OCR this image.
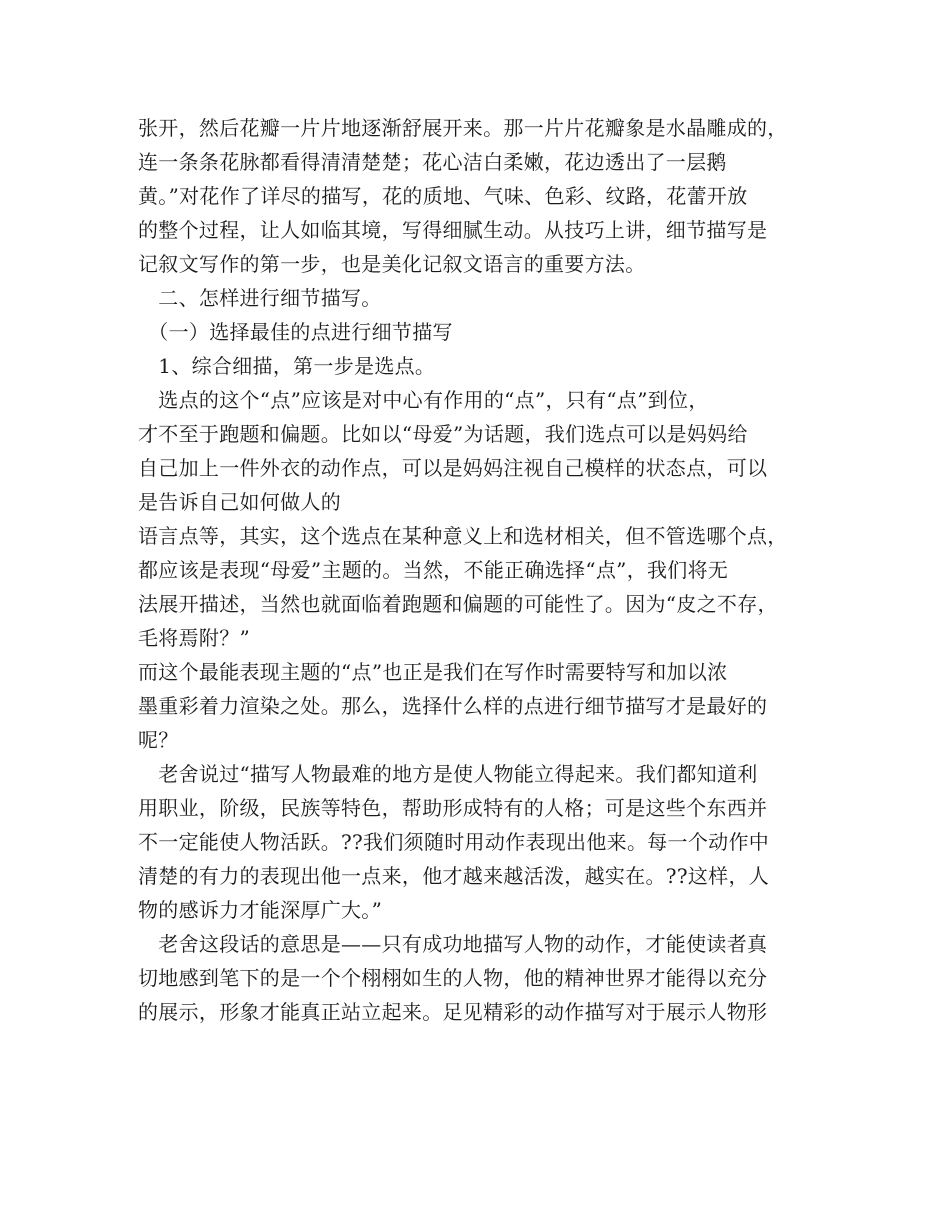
张开，然后花瓣一片片地逐渐舒展开来。那一片片花瓣象是水晶雕成的，
连一条条花脉都看得清清楚楚；花心洁白柔嫩，花边透出了一层鹅
黄。”对花作了详尽的描写，花的质地、气味、色彩、纹路，花蕾开放
的整个过程，让人如临其境，写得细腻生动。从技巧上讲，细节描写是
记叙文写作的第一步，也是美化记叙文语言的重要方法。
　二、怎样进行细节描写。
　（一）选择最佳的点进行细节描写
　1、综合细描，第一步是选点。
　选点的这个“点”应该是对中心有作用的“点”，只有“点”到位，
才不至于跑题和偏题。比如以“母爱”为话题，我们选点可以是妈妈给
自己加上一件外衣的动作点，可以是妈妈注视自己模样的状态点，可以
是告诉自己如何做人的
语言点等，其实，这个选点在某种意义上和选材相关，但不管选哪个点，
都应该是表现“母爱”主题的。当然，不能正确选择“点”，我们将无
法展开描述，当然也就面临着跑题和偏题的可能性了。因为“皮之不存，
毛将焉附？”
而这个最能表现主题的“点”也正是我们在写作时需要特写和加以浓
墨重彩着力渲染之处。那么，选择什么样的点进行细节描写才是最好的
呢？
　老舍说过“描写人物最难的地方是使人物能立得起来。我们都知道利
用职业，阶级，民族等特色，帮助形成特有的人格；可是这些个东西并
不一定能使人物活跃。??我们须随时用动作表现出他来。每一个动作中
清楚的有力的表现出他一点来，他才越来越活泼，越实在。??这样，人
物的感诉力才能深厚广大。”
　老舍这段话的意思是——只有成功地描写人物的动作，才能使读者真
切地感到笔下的是一个个栩栩如生的人物，他的精神世界才能得以充分
的展示，形象才能真正站立起来。足见精彩的动作描写对于展示人物形
